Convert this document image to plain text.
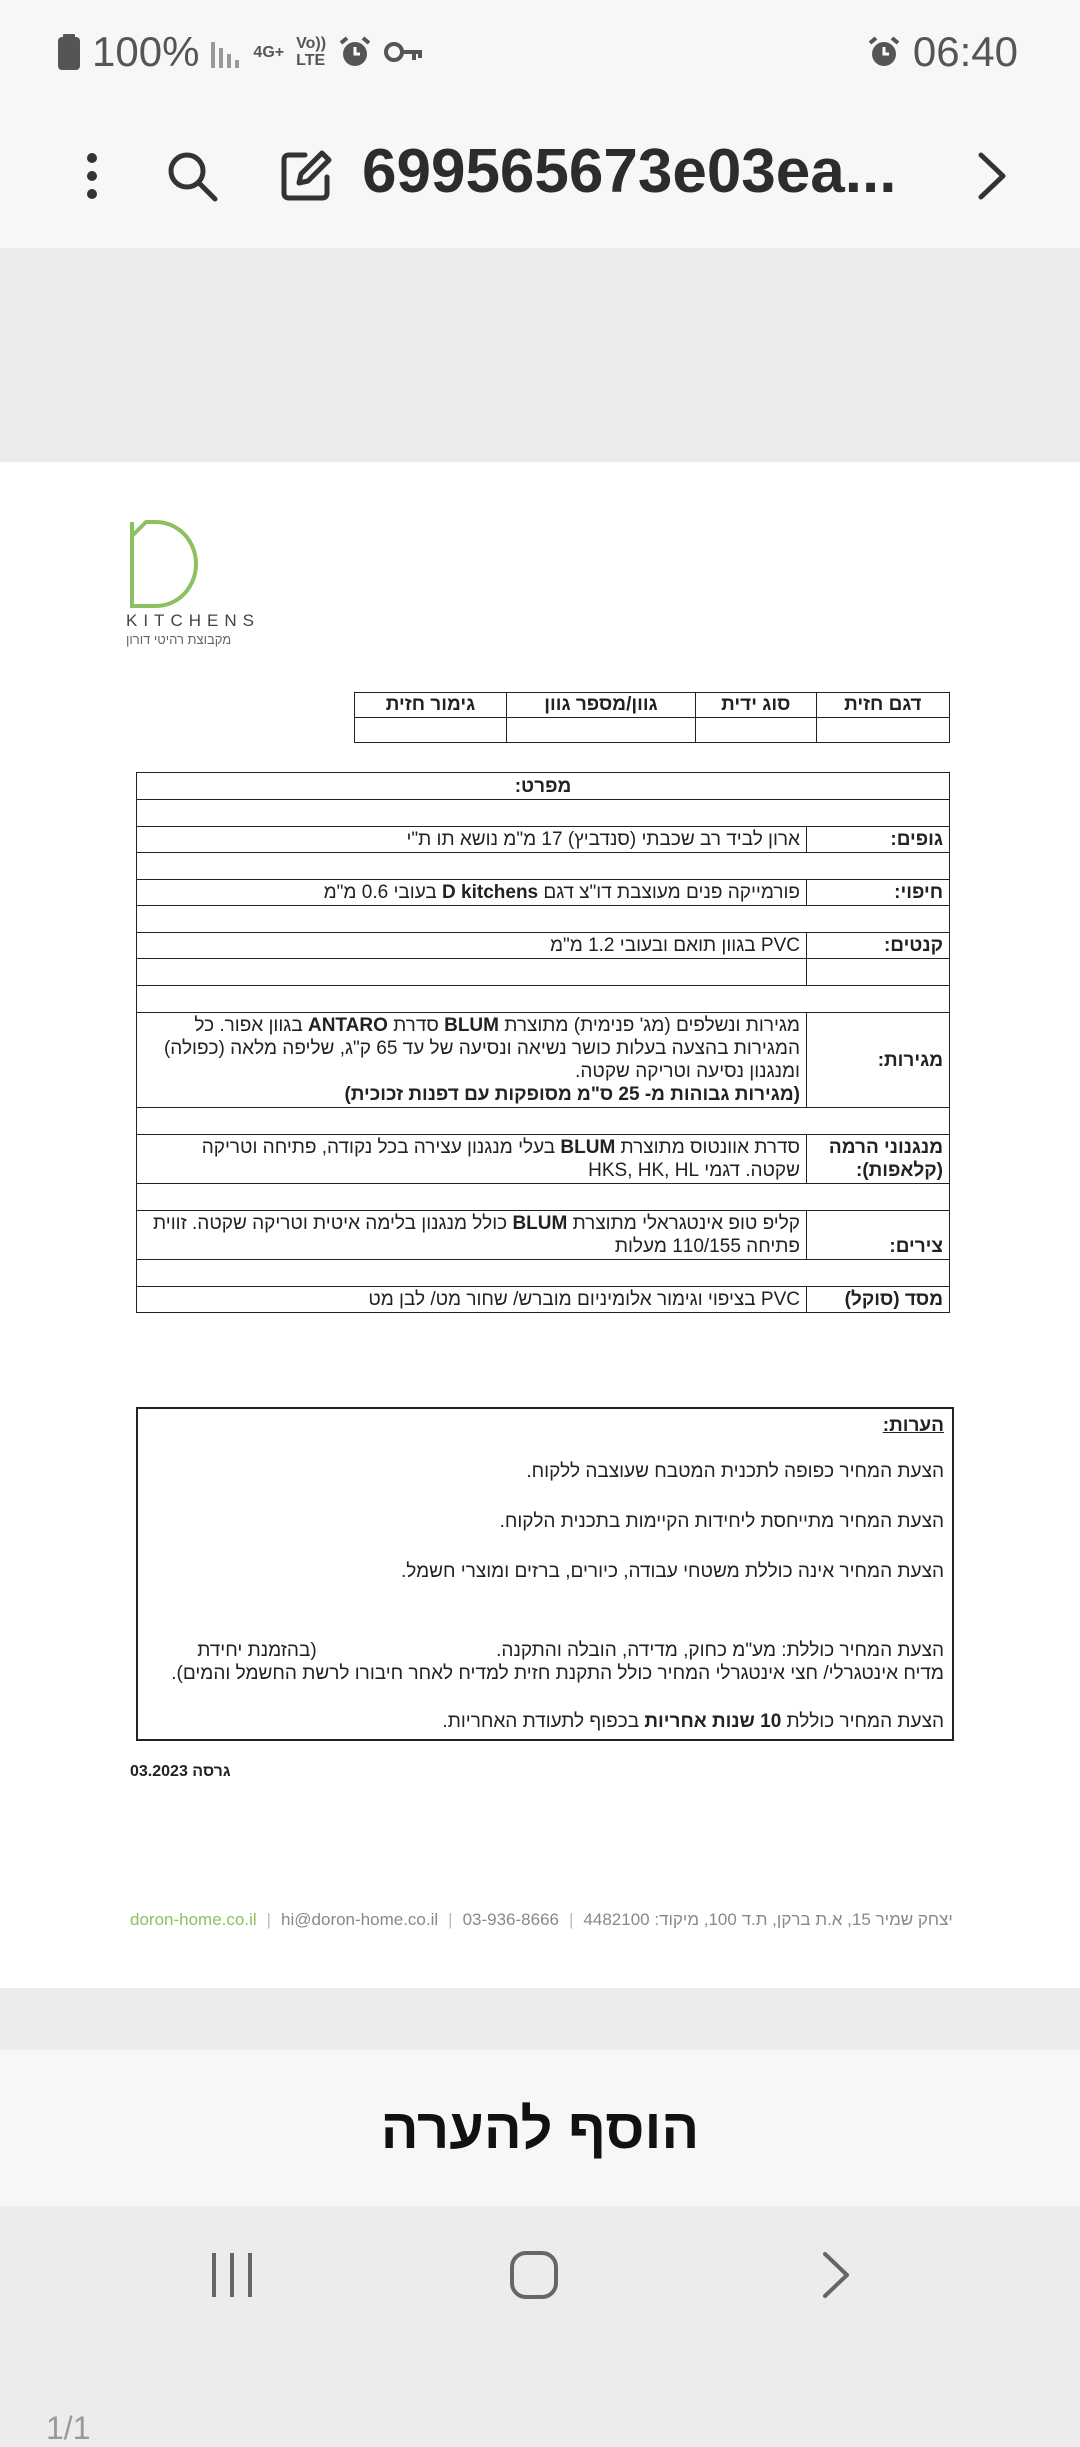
100%	4G+ Vo))
LTE	06:40
699565673e03ea...
KITCHENS
מקבוצת רהיטי דורון
דגם חזית	סוג ידית	גוון/מספר גוון	גימור חזית

מפרט:	

גופים:	ארון לביד רב שכבתי (סנדביץ) 17 מ"מ נושא תו ת"י

חיפוי:	פורמייקה פנים מעוצבת דו"צ דגם D kitchens בעובי 0.6 מ"מ

קנטים:	PVC בגוון תואם ובעובי 1.2 מ"מ

מגירות:	מגירות ונשלפים (מג' פנימית) מתוצרת BLUM סדרת ANTARO בגוון אפור. כל המגירות בהצעה בעלות כושר נשיאה ונסיעה של עד 65 ק"ג, שליפה מלאה (כפולה) ומנגנון נסיעה וטריקה שקטה.
(מגירות גבוהות מ- 25 ס"מ מסופקות עם דפנות זכוכית)

מנגנוני הרמה (קלאפות):	סדרת אוונטוס מתוצרת BLUM בעלי מנגנון עצירה בכל נקודה, פתיחה וטריקה שקטה. דגמי HKS, HK, HL

צירים:	קליפ טופ אינטגראלי מתוצרת BLUM כולל מנגנון בלימה איטית וטריקה שקטה. זווית פתיחה 110/155 מעלות

מסד (סוקל)	PVC בציפוי וגימור אלומיניום מוברש/ שחור מט/ לבן מט
הערות:
הצעת המחיר כפופה לתכנית המטבח שעוצבה ללקוח.
הצעת המחיר מתייחסת ליחידות הקיימות בתכנית הלקוח.
הצעת המחיר אינה כוללת משטחי עבודה, כיורים, ברזים ומוצרי חשמל.
הצעת המחיר כוללת: מע"מ כחוק, מדידה, הובלה והתקנה.                                  (בהזמנת יחידת
מדיח אינטגרלי/ חצי אינטגרלי המחיר כולל התקנת חזית למדיח לאחר חיבורו לרשת החשמל והמים).
הצעת המחיר כוללת 10 שנות אחריות בכפוף לתעודת האחריות.
גרסה 03.2023
doron-home.co.il | hi@doron-home.co.il | 03-936-8666 | יצחק שמיר 15, א.ת ברקן, ת.ד 100, מיקוד: 4482100
1/1
הוסף להערה
